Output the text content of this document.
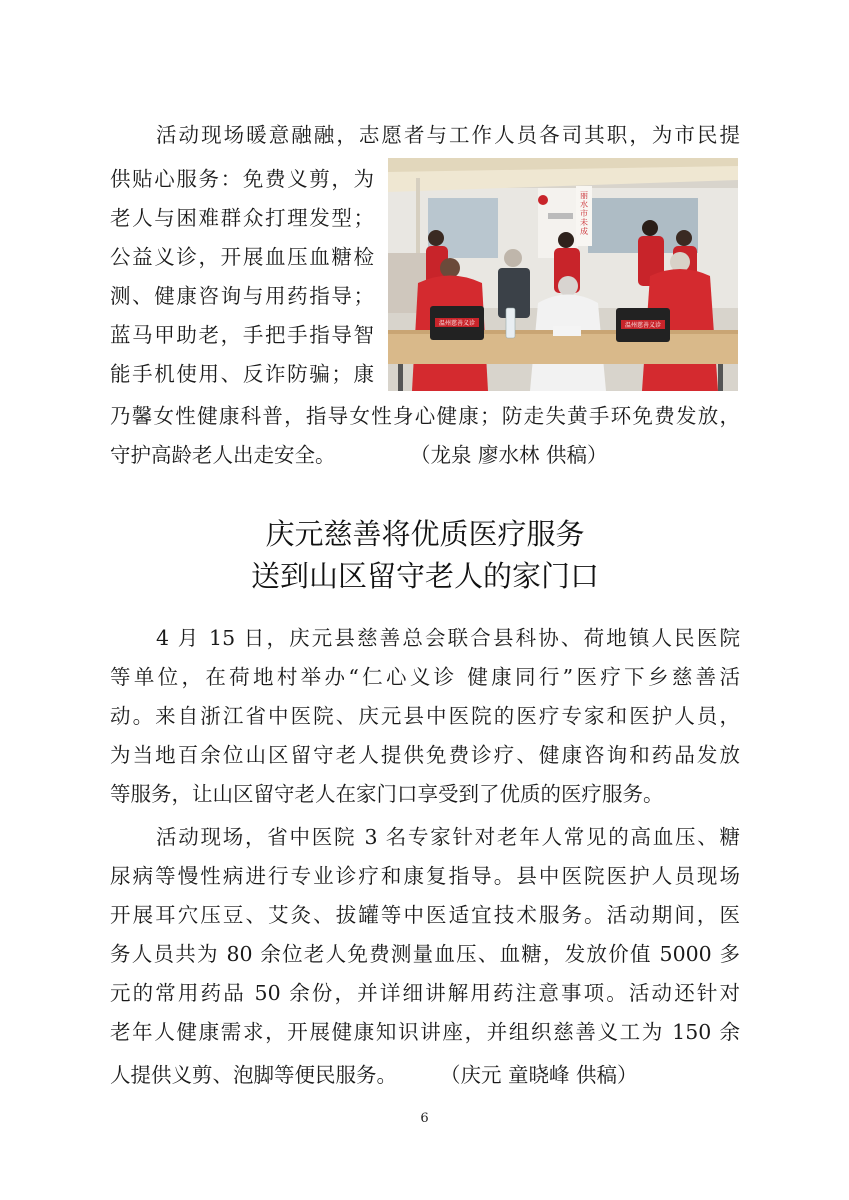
活动现场暖意融融，志愿者与工作人员各司其职，为市民提
供贴心服务：免费义剪，为
老人与困难群众打理发型；
公益义诊，开展血压血糖检
测、健康咨询与用药指导；
蓝马甲助老，手把手指导智
能手机使用、反诈防骗；康
乃馨女性健康科普，指导女性身心健康；防走失黄手环免费发放，
守护高龄老人出走安全。	（龙泉 廖水林 供稿）
丽水市未成
温州慈善义诊	温州慈善义诊
庆元慈善将优质医疗服务
送到山区留守老人的家门口
4 月 15 日，庆元县慈善总会联合县科协、荷地镇人民医院
等单位，在荷地村举办“仁心义诊 健康同行”医疗下乡慈善活
动。来自浙江省中医院、庆元县中医院的医疗专家和医护人员，
为当地百余位山区留守老人提供免费诊疗、健康咨询和药品发放
等服务，让山区留守老人在家门口享受到了优质的医疗服务。
活动现场，省中医院 3 名专家针对老年人常见的高血压、糖
尿病等慢性病进行专业诊疗和康复指导。县中医院医护人员现场
开展耳穴压豆、艾灸、拔罐等中医适宜技术服务。活动期间，医
务人员共为 80 余位老人免费测量血压、血糖，发放价值 5000 多
元的常用药品 50 余份，并详细讲解用药注意事项。活动还针对
老年人健康需求，开展健康知识讲座，并组织慈善义工为 150 余
人提供义剪、泡脚等便民服务。 （庆元 童晓峰 供稿）
6
